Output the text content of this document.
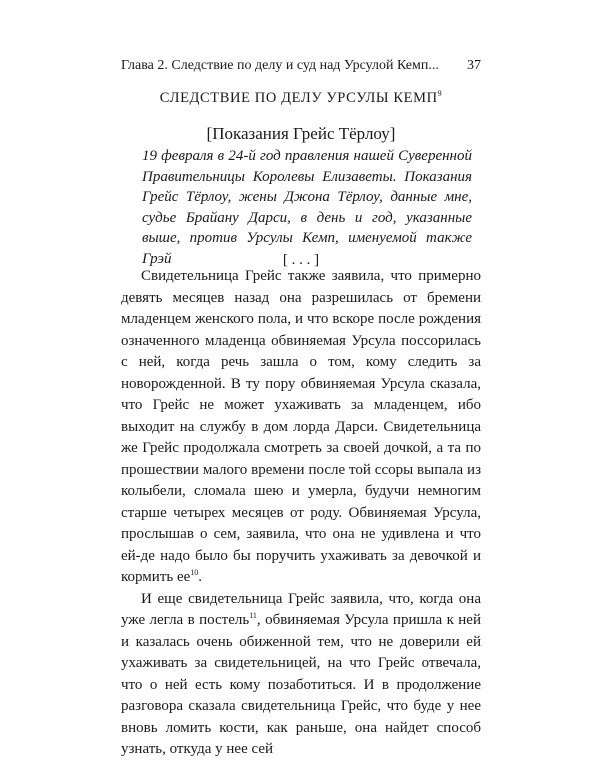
Глава 2. Следствие по делу и суд над Урсулой Кемп... 37
СЛЕДСТВИЕ ПО ДЕЛУ УРСУЛЫ КЕМП$^9$
[Показания Грейс Тёрлоу]
19 февраля в 24-й год правления нашей Суверенной Правительницы Королевы Елизаветы. Показания Грейс Тёрлоу, жены Джона Тёрлоу, данные мне, судье Брайану Дарси, в день и год, указанные выше, против Урсулы Кемп, именуемой также Грэй	[ . . . ]

Свидетельница Грейс также заявила, что примерно девять месяцев назад она разрешилась от бремени младенцем женского пола, и что вскоре после рождения означенного младенца обвиняемая Урсула поссорилась с ней, когда речь зашла о том, кому следить за новорожденной. В ту пору обвиняемая Урсула сказала, что Грейс не может ухаживать за младенцем, ибо выходит на службу в дом лорда Дарси. Свидетельница же Грейс продолжала смотреть за своей дочкой, а та по прошествии малого времени после той ссоры выпала из колыбели, сломала шею и умерла, будучи немногим старше четырех месяцев от роду. Обвиняемая Урсула, прослышав о сем, заявила, что она не удивлена и что ей-де надо было бы поручить ухаживать за девочкой и кормить $ее^{10}$.

И еще свидетельница Грейс заявила, что, когда она уже легла в постель$^{11}$, обвиняемая Урсула пришла к ней и казалась очень обиженной тем, что не доверили ей ухаживать за свидетельницей, на что Грейс отвечала, что о ней есть кому позаботиться. И в продолжение разговора сказала свидетельница Грейс, что буде у нее вновь ломить кости, как раньше, она найдет способ узнать, откуда у нее сей
